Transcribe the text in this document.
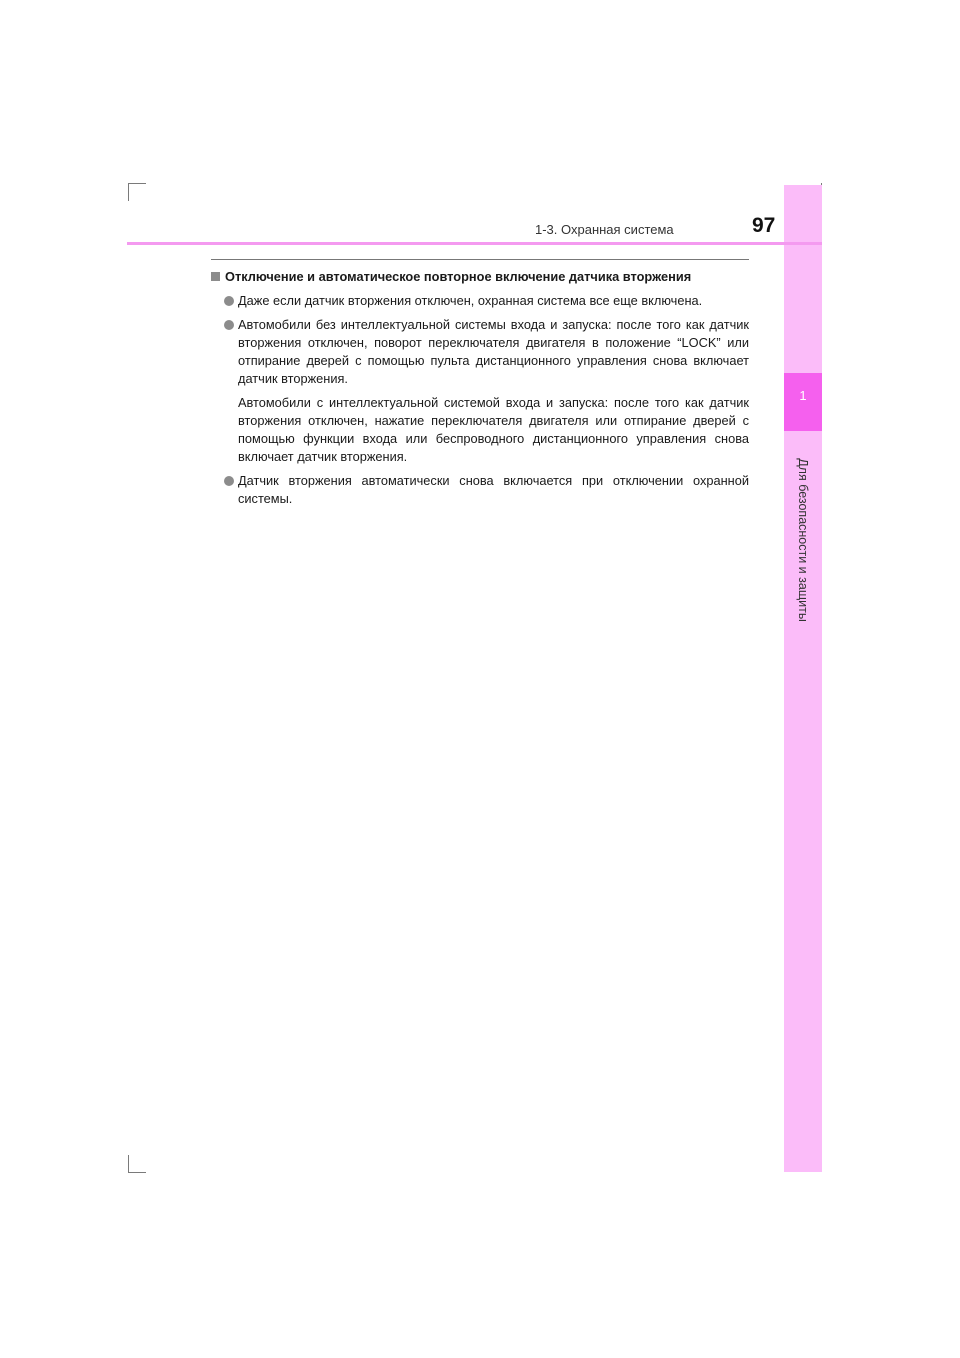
1
Для безопасности и защиты
1-3. Охранная система	97
Отключение и автоматическое повторное включение датчика вторжения
Даже если датчик вторжения отключен, охранная система все еще включена.
Автомобили без интеллектуальной системы входа и запуска: после того как датчик вторжения отключен, поворот переключателя двигателя в положение “LOCK” или отпирание дверей с помощью пульта дистанционного управления снова включает датчик вторжения.
Автомобили с интеллектуальной системой входа и запуска: после того как датчик вторжения отключен, нажатие переключателя двигателя или отпирание дверей с помощью функции входа или беспроводного дистанционного управления снова включает датчик вторжения.
Датчик вторжения автоматически снова включается при отключении охранной системы.
